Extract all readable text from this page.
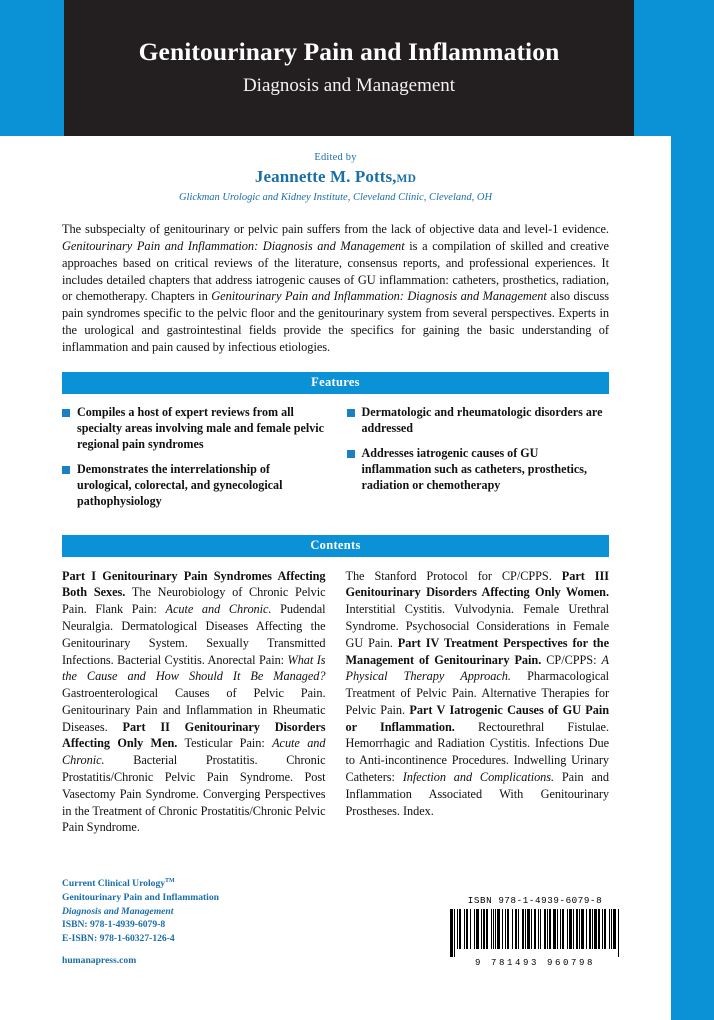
Genitourinary Pain and Inflammation
Diagnosis and Management
Edited by
Jeannette M. Potts,MD
Glickman Urologic and Kidney Institute, Cleveland Clinic, Cleveland, OH
The subspecialty of genitourinary or pelvic pain suffers from the lack of objective data and level-1 evidence. Genitourinary Pain and Inflammation: Diagnosis and Management is a compilation of skilled and creative approaches based on critical reviews of the literature, consensus reports, and professional experiences. It includes detailed chapters that address iatrogenic causes of GU inflammation: catheters, prosthetics, radiation, or chemotherapy. Chapters in Genitourinary Pain and Inflammation: Diagnosis and Management also discuss pain syndromes specific to the pelvic floor and the genitourinary system from several perspectives. Experts in the urological and gastrointestinal fields provide the specifics for gaining the basic understanding of inflammation and pain caused by infectious etiologies.
Features
Compiles a host of expert reviews from all specialty areas involving male and female pelvic regional pain syndromes
Demonstrates the interrelationship of urological, colorectal, and gynecological pathophysiology
Dermatologic and rheumatologic disorders are addressed
Addresses iatrogenic causes of GU inflammation such as catheters, prosthetics, radiation or chemotherapy
Contents
Part I Genitourinary Pain Syndromes Affecting Both Sexes. The Neurobiology of Chronic Pelvic Pain. Flank Pain: Acute and Chronic. Pudendal Neuralgia. Dermatological Diseases Affecting the Genitourinary System. Sexually Transmitted Infections. Bacterial Cystitis. Anorectal Pain: What Is the Cause and How Should It Be Managed? Gastroenterological Causes of Pelvic Pain. Genitourinary Pain and Inflammation in Rheumatic Diseases. Part II Genitourinary Disorders Affecting Only Men. Testicular Pain: Acute and Chronic. Bacterial Prostatitis. Chronic Prostatitis/Chronic Pelvic Pain Syndrome. Post Vasectomy Pain Syndrome. Converging Perspectives in the Treatment of Chronic Prostatitis/Chronic Pelvic Pain Syndrome.
The Stanford Protocol for CP/CPPS. Part III Genitourinary Disorders Affecting Only Women. Interstitial Cystitis. Vulvodynia. Female Urethral Syndrome. Psychosocial Considerations in Female GU Pain. Part IV Treatment Perspectives for the Management of Genitourinary Pain. CP/CPPS: A Physical Therapy Approach. Pharmacological Treatment of Pelvic Pain. Alternative Therapies for Pelvic Pain. Part V Iatrogenic Causes of GU Pain or Inflammation. Rectourethral Fistulae. Hemorrhagic and Radiation Cystitis. Infections Due to Anti-incontinence Procedures. Indwelling Urinary Catheters: Infection and Complications. Pain and Inflammation Associated With Genitourinary Prostheses. Index.
Current Clinical Urology™
Genitourinary Pain and Inflammation
Diagnosis and Management
ISBN: 978-1-4939-6079-8
E-ISBN: 978-1-60327-126-4
humanapress.com
ISBN 978-1-4939-6079-8
9 781493 960798
